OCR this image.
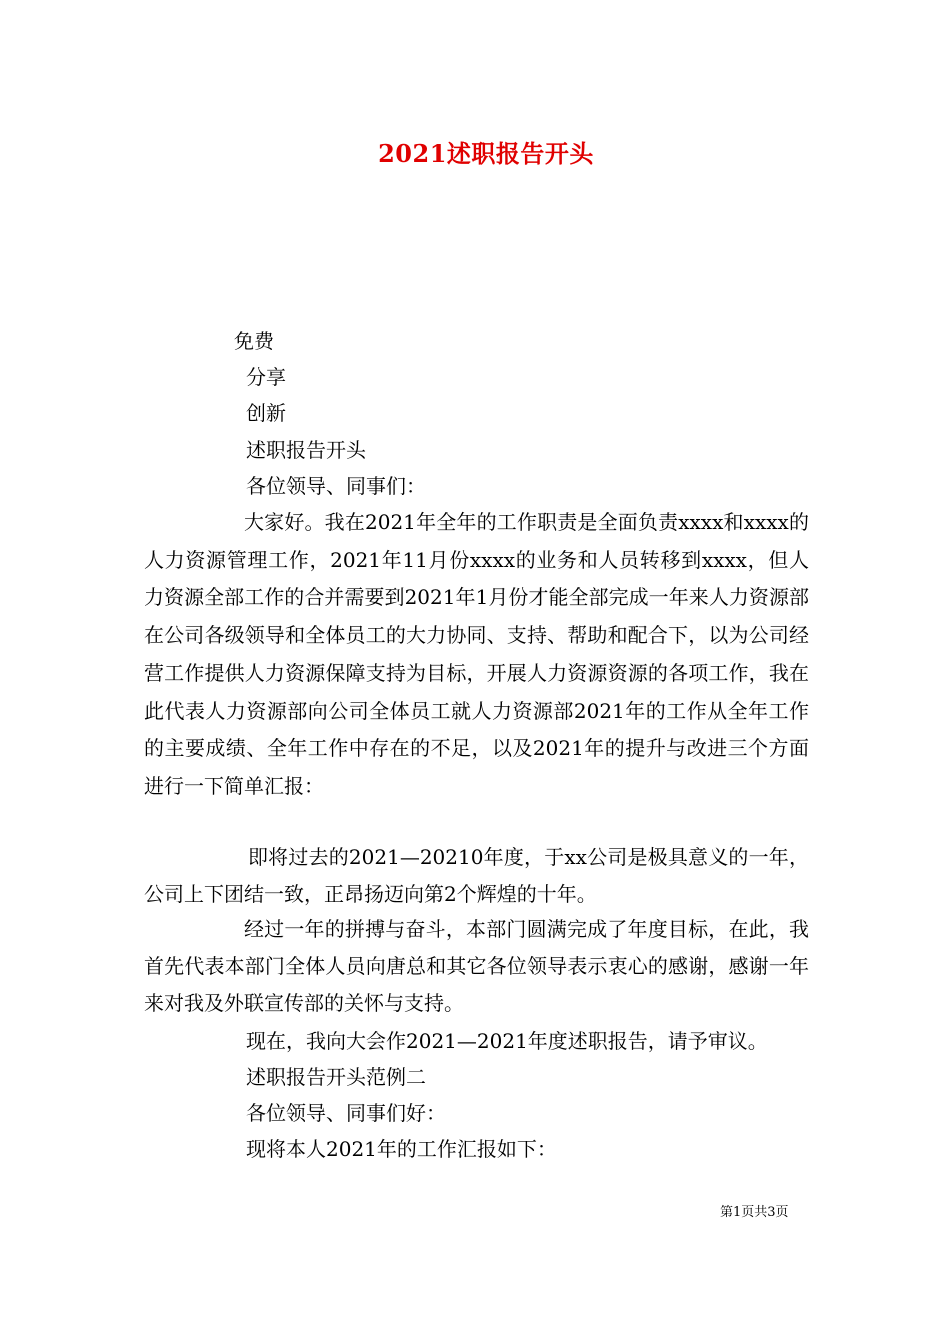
2021述职报告开头
免费
分享
创新
述职报告开头
各位领导、同事们：
大家好。我在2021年全年的工作职责是全面负责xxxx和xxxx的人力资源管理工作，2021年11月份xxxx的业务和人员转移到xxxx，但人力资源全部工作的合并需要到2021年1月份才能全部完成一年来人力资源部在公司各级领导和全体员工的大力协同、支持、帮助和配合下，以为公司经营工作提供人力资源保障支持为目标，开展人力资源资源的各项工作，我在此代表人力资源部向公司全体员工就人力资源部2021年的工作从全年工作的主要成绩、全年工作中存在的不足，以及2021年的提升与改进三个方面进行一下简单汇报：
即将过去的2021—20210年度，于xx公司是极具意义的一年，公司上下团结一致，正昂扬迈向第2个辉煌的十年。
经过一年的拼搏与奋斗，本部门圆满完成了年度目标，在此，我首先代表本部门全体人员向唐总和其它各位领导表示衷心的感谢，感谢一年来对我及外联宣传部的关怀与支持。
现在，我向大会作2021—2021年度述职报告，请予审议。
述职报告开头范例二
各位领导、同事们好：
现将本人2021年的工作汇报如下：
第1页共3页
